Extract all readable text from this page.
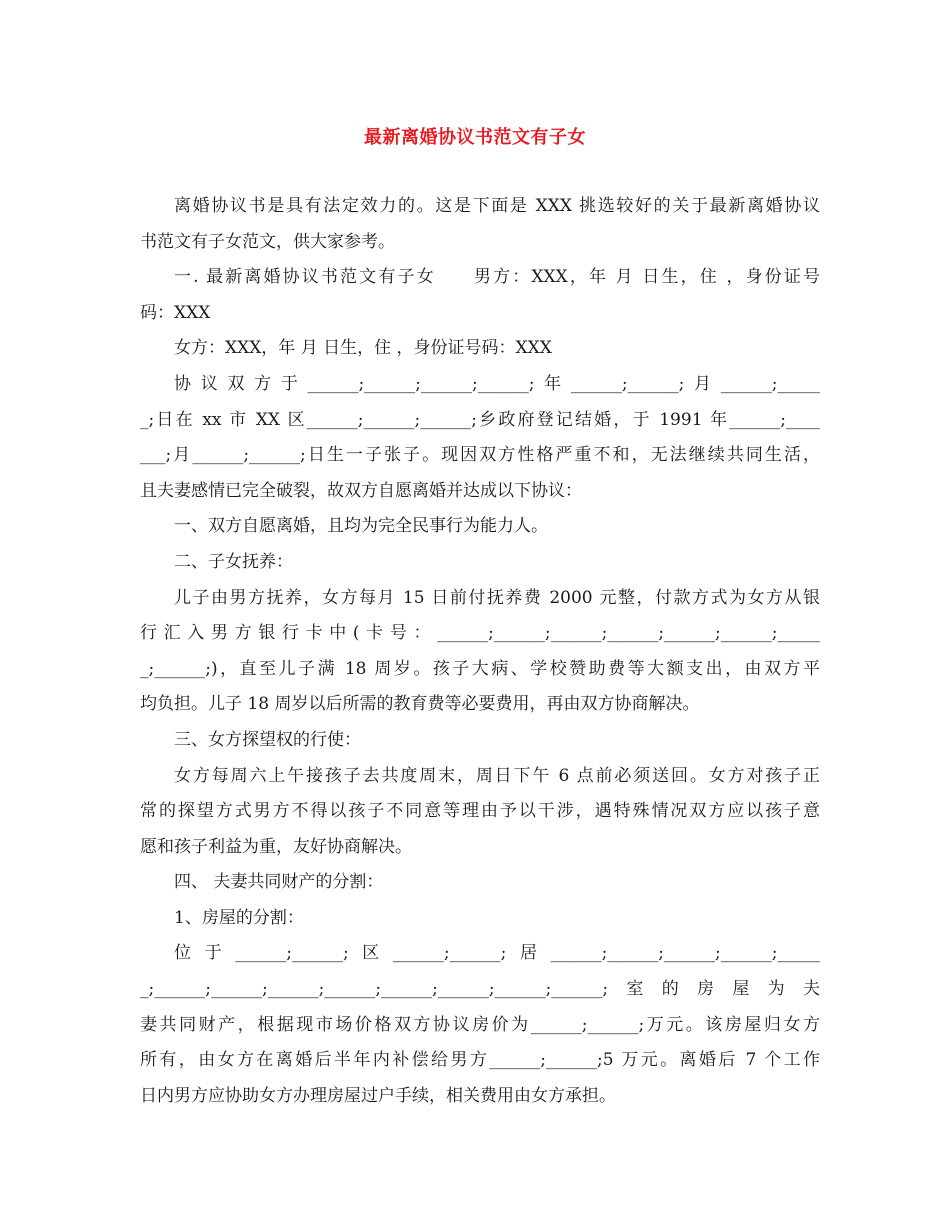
最新离婚协议书范文有子女

离婚协议书是具有法定效力的。这是下面是 XXX 挑选较好的关于最新离婚协议

书范文有子女范文，供大家参考。

一. 最新离婚协议书范文有子女　　男方：XXX，年 月 日生，住 ，身份证号

码：XXX

女方：XXX，年 月 日生，住 ，身份证号码：XXX

协议双方于______;______;______;______;年______;______;月______;_____

_;日在 xx 市 XX 区______;______;______;乡政府登记结婚，于 1991 年______;____

___;月______;______;日生一子张子。现因双方性格严重不和，无法继续共同生活，

且夫妻感情已完全破裂，故双方自愿离婚并达成以下协议：

一、双方自愿离婚，且均为完全民事行为能力人。

二、子女抚养：

儿子由男方抚养，女方每月 15 日前付抚养费 2000 元整，付款方式为女方从银

行汇入男方银行卡中(卡号：______;______;______;______;______;______;_____

_;______;)，直至儿子满 18 周岁。孩子大病、学校赞助费等大额支出，由双方平

均负担。儿子 18 周岁以后所需的教育费等必要费用，再由双方协商解决。

三、女方探望权的行使：

女方每周六上午接孩子去共度周末，周日下午 6 点前必须送回。女方对孩子正

常的探望方式男方不得以孩子不同意等理由予以干涉，遇特殊情况双方应以孩子意

愿和孩子利益为重，友好协商解决。

四、 夫妻共同财产的分割：

1、房屋的分割：

位于______;______;区______;______;居______;______;______;______;_____

_;______;______;______;______;______;______;______;______;室的房屋为夫

妻共同财产，根据现市场价格双方协议房价为______;______;万元。该房屋归女方

所有，由女方在离婚后半年内补偿给男方______;______;5 万元。离婚后 7 个工作

日内男方应协助女方办理房屋过户手续，相关费用由女方承担。
